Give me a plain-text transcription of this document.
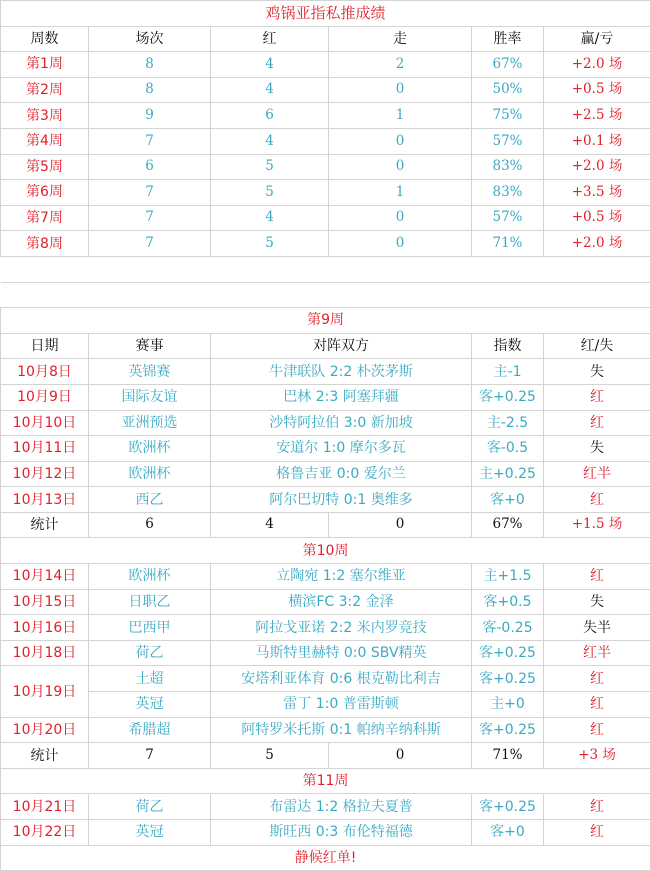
鸡锅亚指私推成绩					
周数	场次	红	走	胜率	赢/亏
第1周	8	4	2	67%	+2.0 场
第2周	8	4	0	50%	+0.5 场
第3周	9	6	1	75%	+2.5 场
第4周	7	4	0	57%	+0.1 场
第5周	6	5	0	83%	+2.0 场
第6周	7	5	1	83%	+3.5 场
第7周	7	4	0	57%	+0.5 场
第8周	7	5	0	71%	+2.0 场

第9周					
日期	赛事	对阵双方		指数	红/失
10月8日	英锦赛	牛津联队 2:2 朴茨茅斯		主-1	失
10月9日	国际友谊	巴林 2:3 阿塞拜疆		客+0.25	红
10月10日	亚洲预选	沙特阿拉伯 3:0 新加坡		主-2.5	红
10月11日	欧洲杯	安道尔 1:0 摩尔多瓦		客-0.5	失
10月12日	欧洲杯	格鲁吉亚 0:0 爱尔兰		主+0.25	红半
10月13日	西乙	阿尔巴切特 0:1 奥维多		客+0	红
统计	6	4	0	67%	+1.5 场
第10周					
10月14日	欧洲杯	立陶宛 1:2 塞尔维亚		主+1.5	红
10月15日	日职乙	横滨FC 3:2 金泽		客+0.5	失
10月16日	巴西甲	阿拉戈亚诺 2:2 米内罗竞技		客-0.25	失半
10月18日	荷乙	马斯特里赫特 0:0 SBV精英		客+0.25	红半
10月19日	土超	安塔利亚体育 0:6 根克勒比利吉		客+0.25	红
	英冠	雷丁 1:0 普雷斯顿		主+0	红
10月20日	希腊超	阿特罗米托斯 0:1 帕纳辛纳科斯		客+0.25	红
统计	7	5	0	71%	+3 场
第11周					
10月21日	荷乙	布雷达 1:2 格拉夫夏普		客+0.25	红
10月22日	英冠	斯旺西 0:3 布伦特福德		客+0	红
静候红单!					
